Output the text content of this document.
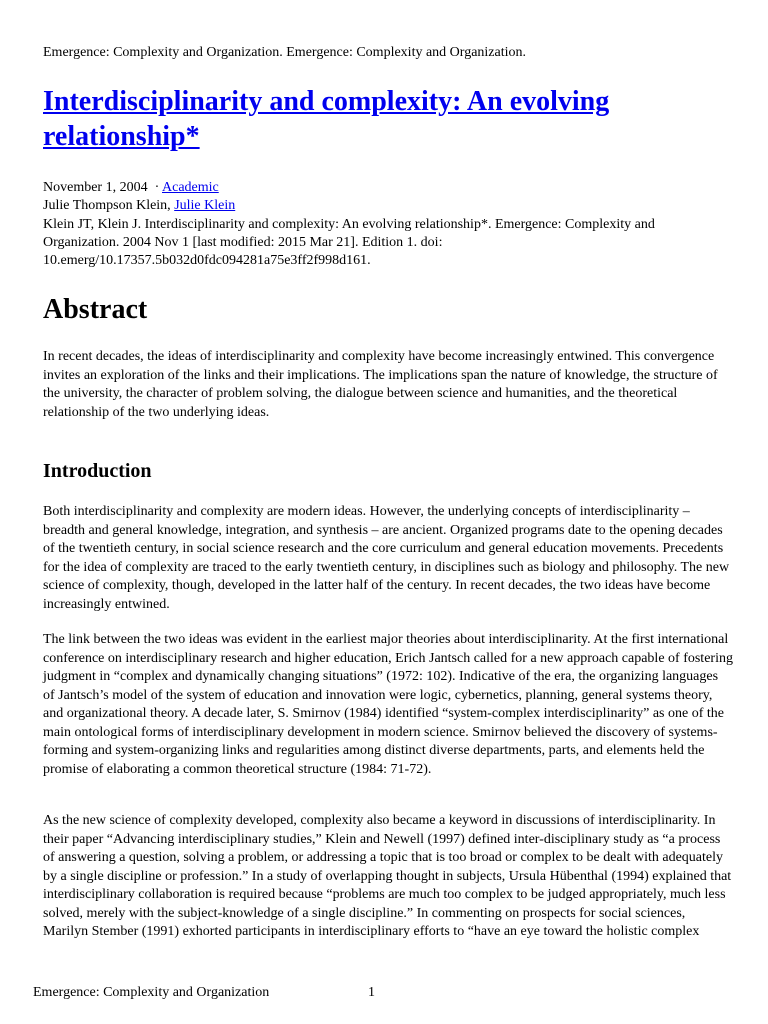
Emergence: Complexity and Organization. Emergence: Complexity and Organization.
Interdisciplinarity and complexity: An evolving relationship*
November 1, 2004 · Academic
Julie Thompson Klein, Julie Klein
Klein JT, Klein J. Interdisciplinarity and complexity: An evolving relationship*. Emergence: Complexity and Organization. 2004 Nov 1 [last modified: 2015 Mar 21]. Edition 1. doi: 10.emerg/10.17357.5b032d0fdc094281a75e3ff2f998d161.
Abstract

In recent decades, the ideas of interdisciplinarity and complexity have become increasingly entwined. This convergence invites an exploration of the links and their implications. The implications span the nature of knowledge, the structure of the university, the character of problem solving, the dialogue between science and humanities, and the theoretical relationship of the two underlying ideas.

Introduction

Both interdisciplinarity and complexity are modern ideas. However, the underlying concepts of interdisciplinarity – breadth and general knowledge, integration, and synthesis – are ancient. Organized programs date to the opening decades of the twentieth century, in social science research and the core curriculum and general education movements. Precedents for the idea of complexity are traced to the early twentieth century, in disciplines such as biology and philosophy. The new science of complexity, though, developed in the latter half of the century. In recent decades, the two ideas have become increasingly entwined.

The link between the two ideas was evident in the earliest major theories about interdisciplinarity. At the first international conference on interdisciplinary research and higher education, Erich Jantsch called for a new approach capable of fostering judgment in “complex and dynamically changing situations” (1972: 102). Indicative of the era, the organizing languages of Jantsch’s model of the system of education and innovation were logic, cybernetics, planning, general systems theory, and organizational theory. A decade later, S. Smirnov (1984) identified “system-complex interdisciplinarity” as one of the main ontological forms of interdisciplinary development in modern science. Smirnov believed the discovery of systems-forming and system-organizing links and regularities among distinct diverse departments, parts, and elements held the promise of elaborating a common theoretical structure (1984: 71-72).

As the new science of complexity developed, complexity also became a keyword in discussions of interdisciplinarity. In their paper “Advancing interdisciplinary studies,” Klein and Newell (1997) defined inter-disciplinary study as “a process of answering a question, solving a problem, or addressing a topic that is too broad or complex to be dealt with adequately by a single discipline or profession.” In a study of overlapping thought in subjects, Ursula Hübenthal (1994) explained that interdisciplinary collaboration is required because “problems are much too complex to be judged appropriately, much less solved, merely with the subject-knowledge of a single discipline.” In commenting on prospects for social sciences, Marilyn Stember (1991) exhorted participants in interdisciplinary efforts to “have an eye toward the holistic complex

Emergence: Complexity and Organization	1
